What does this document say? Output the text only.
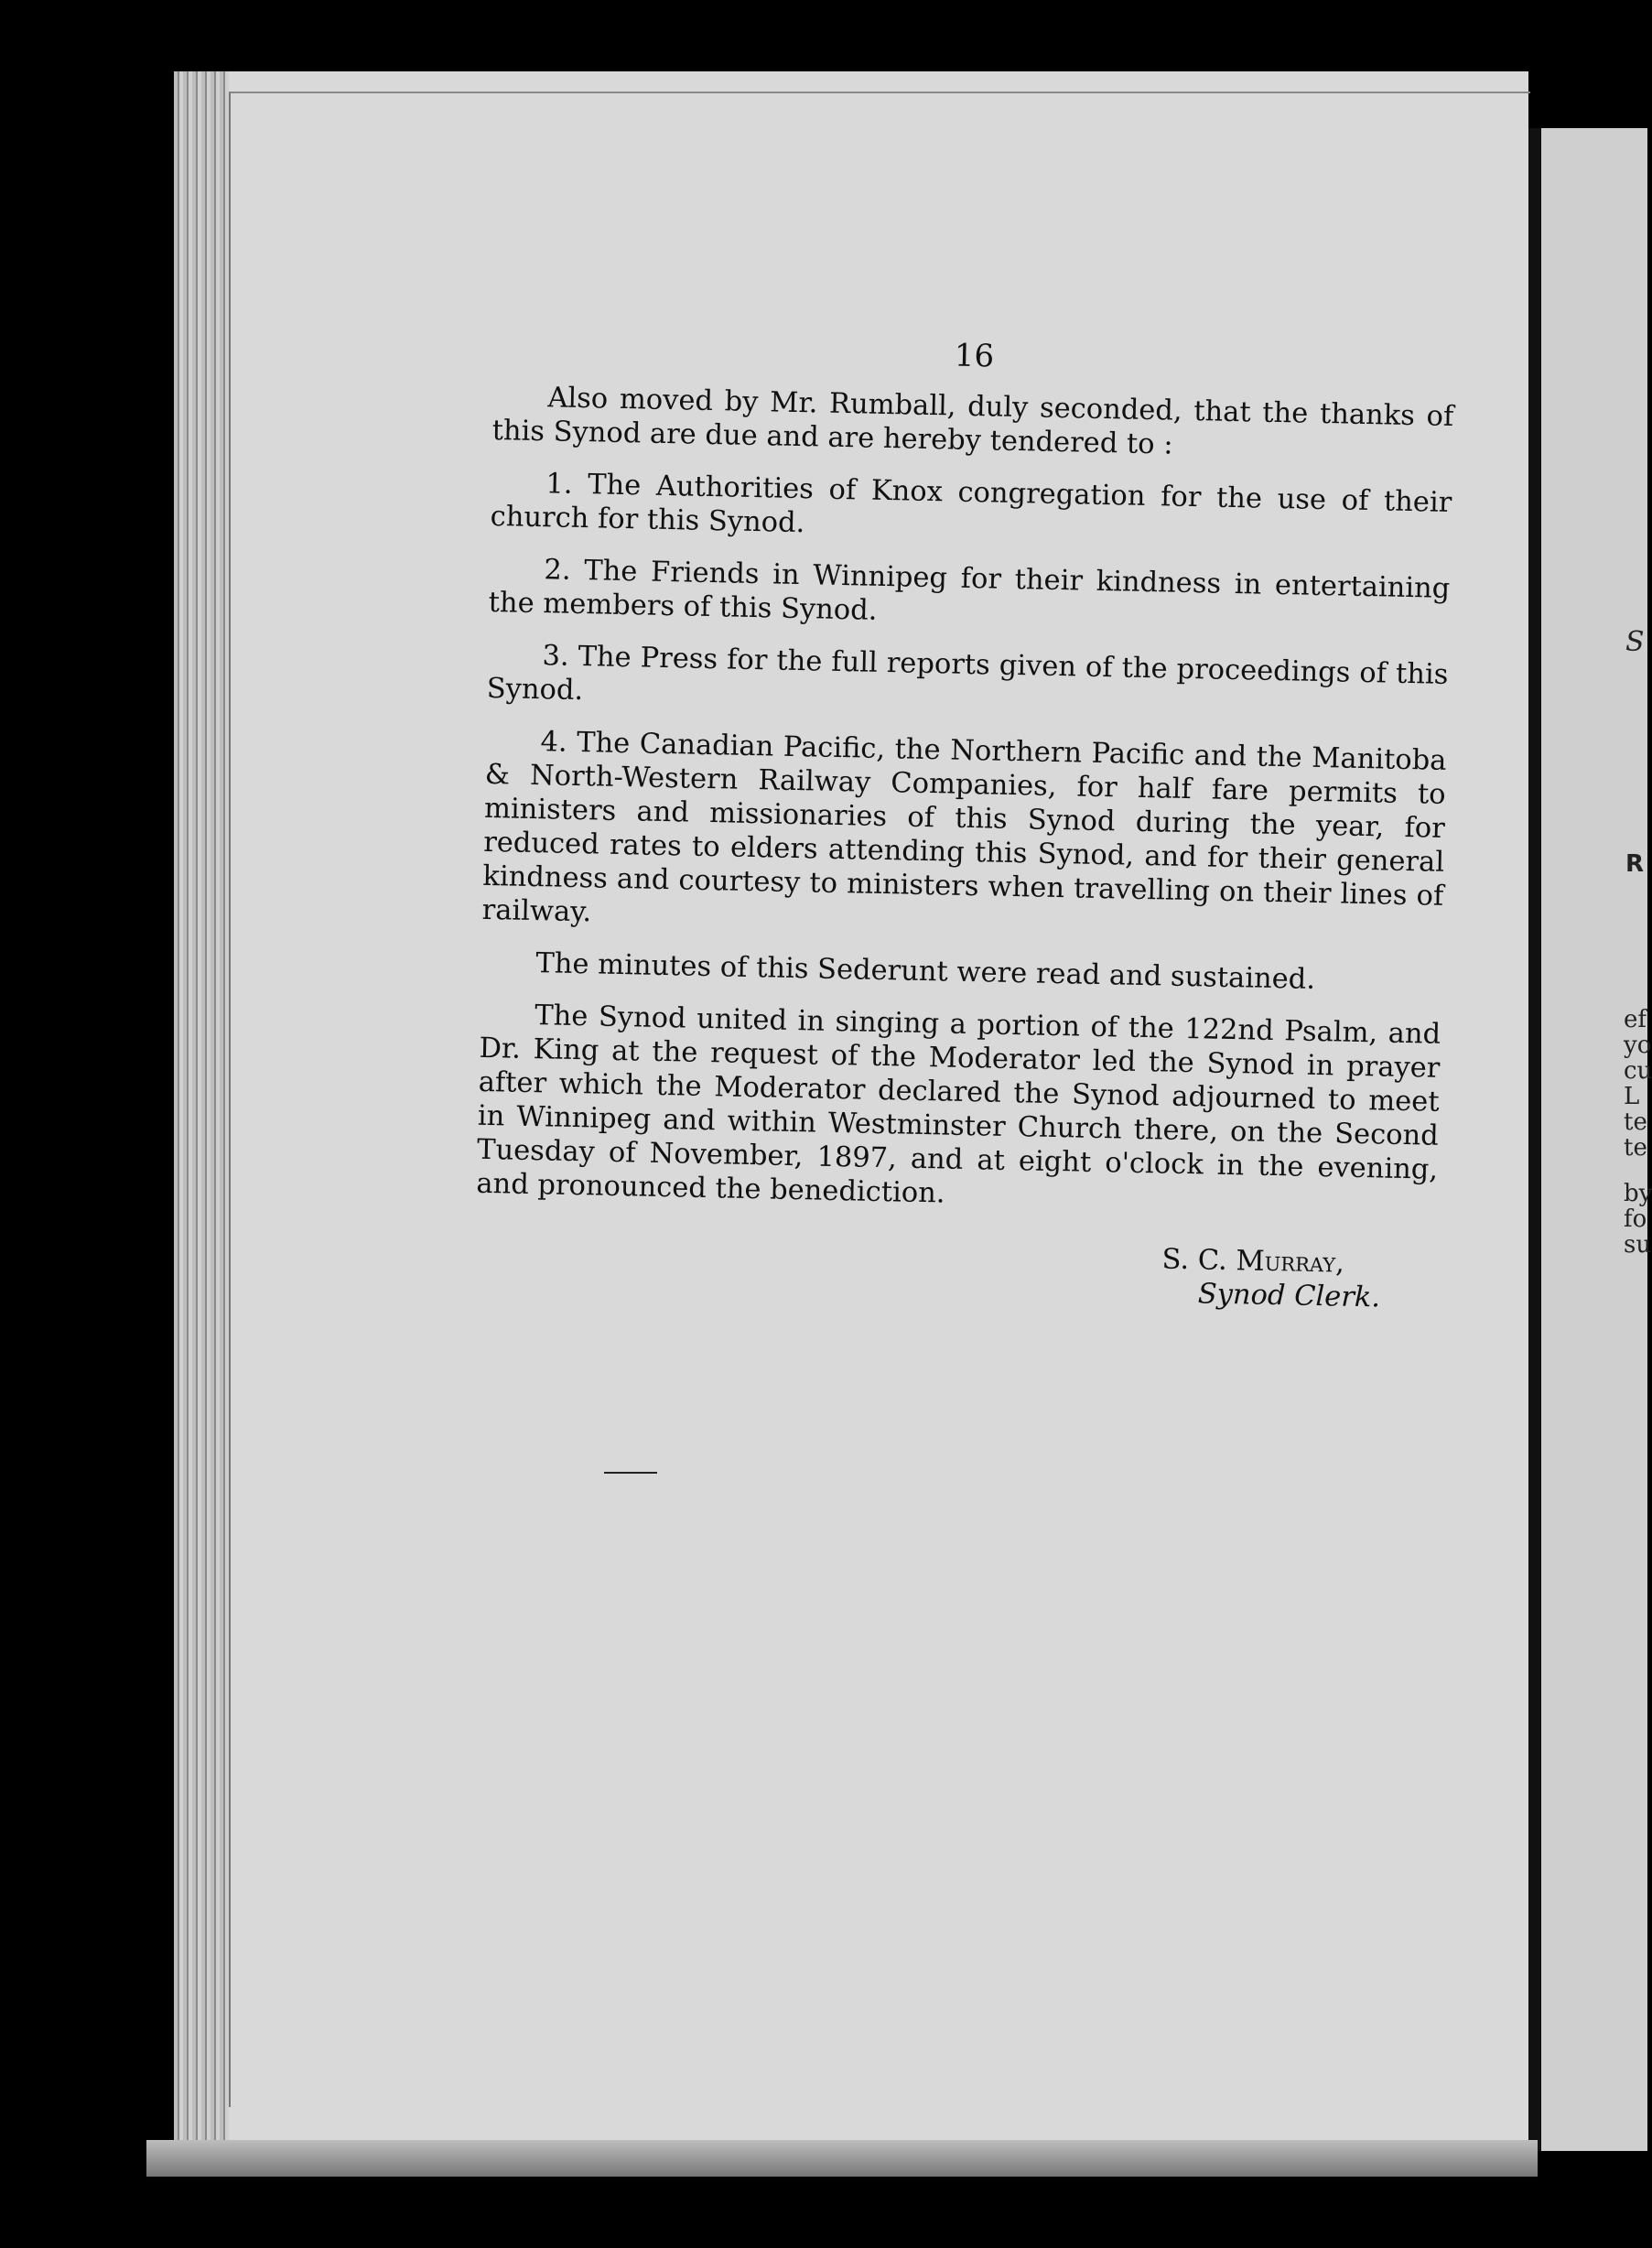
S
R
ef
yo
cu
L
te
te
by
fo
su
16

Also moved by Mr. Rumball, duly seconded, that the thanks of this Synod are due and are hereby tendered to :

1. The Authorities of Knox congregation for the use of their church for this Synod.

2. The Friends in Winnipeg for their kindness in entertaining the members of this Synod.

3. The Press for the full reports given of the proceedings of this Synod.

4. The Canadian Pacific, the Northern Pacific and the Manitoba & North-Western Railway Companies, for half fare permits to ministers and missionaries of this Synod during the year, for reduced rates to elders attending this Synod, and for their general kindness and courtesy to ministers when travelling on their lines of railway.

The minutes of this Sederunt were read and sustained.

The Synod united in singing a portion of the 122nd Psalm, and Dr. King at the request of the Moderator led the Synod in prayer after which the Moderator declared the Synod adjourned to meet in Winnipeg and within Westminster Church there, on the Second Tuesday of November, 1897, and at eight o'clock in the evening, and pronounced the benediction.

S. C. Murray,
Synod Clerk.
